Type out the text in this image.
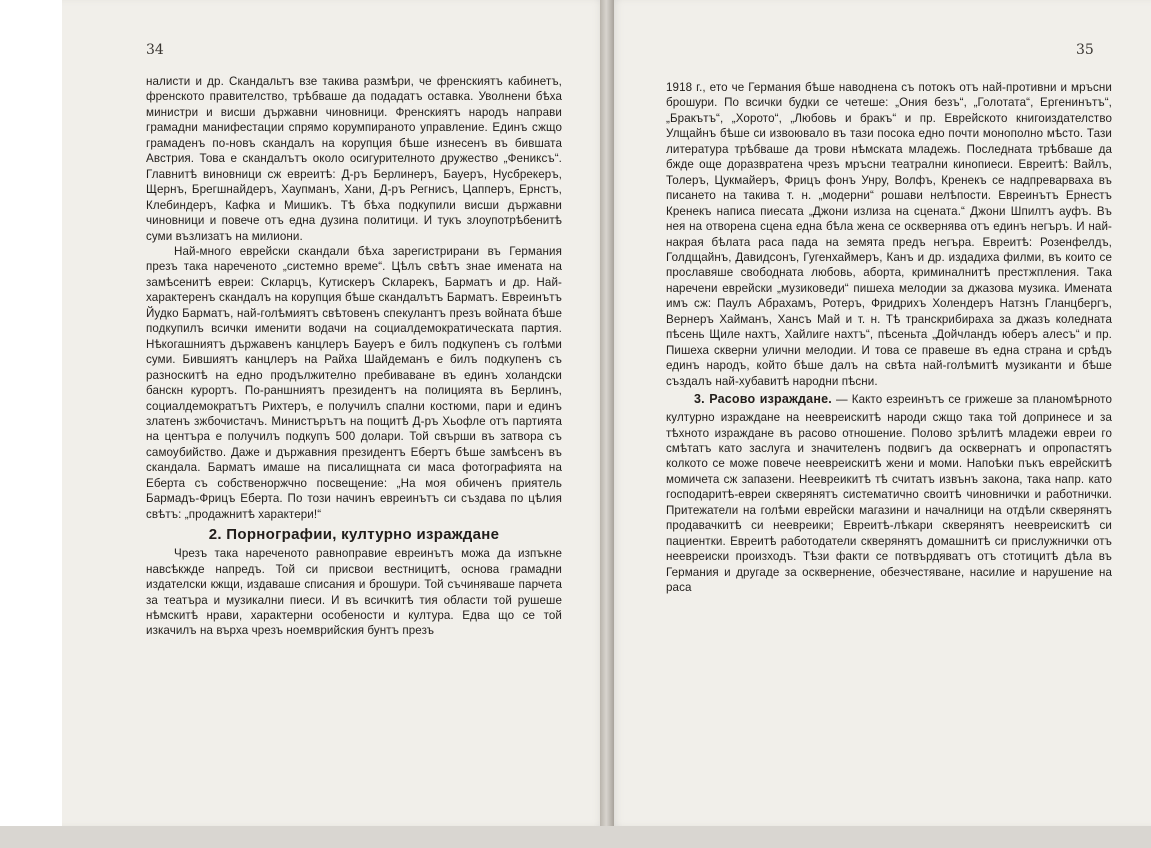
34

налисти и др. Скандальтъ взе такива размѣри, че френскиятъ кабинетъ, френското правителство, трѣбваше да подадатъ оставка. Уволнени бѣха министри и висши държавни чиновници. Френскиятъ народъ направи грамадни манифестации спрямо корумпираното управление. Единъ сжщо грамаденъ по-новъ скандалъ на корупция бѣше изнесенъ въ бившата Австрия. Това е скандалътъ около осигурителното дружество „Фениксъ“. Главнитѣ виновници сж евреитѣ: Д-ръ Берлинеръ, Бауеръ, Нусбрекеръ, Щернъ, Брегшнайдеръ, Хаупманъ, Хани, Д-ръ Регнисъ, Цапперъ, Ернстъ, Клебиндеръ, Кафка и Мишикъ. Тѣ бѣха подкупили висши държавни чиновници и повече отъ една дузина политици. И тукъ злоупотрѣбенитѣ суми възлизатъ на милиони.

Най-много еврейски скандали бѣха зарегистрирани въ Германия презъ така нареченото „системно време“. Цѣлъ свѣтъ знае имената на замѣсенитѣ евреи: Скларцъ, Кутискеръ Скларекъ, Барматъ и др. Най-характеренъ скандалъ на корупция бѣше скандалътъ Барматъ. Евреинътъ Йудко Барматъ, най-голѣмиятъ свѣтовенъ спекулантъ презъ войната бѣше подкупилъ всички именити водачи на социалдемократическата партия. Нѣкогашниятъ държавенъ канцлеръ Бауеръ е билъ подкупенъ съ голѣми суми. Бившиятъ канцлеръ на Райха Шайдеманъ е билъ подкупенъ съ разноскитѣ на едно продължително пребиваване въ единъ холандски банскн курортъ. По-раншниятъ президентъ на полицията въ Берлинъ, социалдемократътъ Рихтеръ, е получилъ спални костюми, пари и единъ златенъ зжбочистачъ. Министърътъ на пощитѣ Д-ръ Хьофле отъ партията на центъра е получилъ подкупъ 500 долари. Той свърши въ затвора съ самоубийство. Даже и държавния президентъ Ебертъ бѣше замѣсенъ въ скандала. Барматъ имаше на писалищната си маса фотографията на Еберта съ собственоржчно посвещение: „На моя обиченъ приятель Бармадъ-Фрицъ Еберта. По този начинъ евреинътъ си създава по цѣлия свѣтъ: „продажнитѣ характери!“

2. Порнографии, културно израждане

Чрезъ така нареченото равноправие евреинътъ можа да изпъкне навсѣкжде напредъ. Той си присвои вестницитѣ, основа грамадни издателски кжщи, издаваше списания и брошури. Той съчиняваше парчета за театъра и музикални пиеси. И въ всичкитѣ тия области той рушеше нѣмскитѣ нрави, характерни особености и култура. Едва що се той изкачилъ на върха чрезъ ноемврийския бунтъ презъ

35

1918 г., ето че Германия бѣше наводнена съ потокъ отъ най-противни и мръсни брошури. По всички будки се четеше: „Ония безъ“, „Голотата“, Ергенинътъ“, „Бракътъ“, „Хорото“, „Любовь и бракъ“ и пр. Еврейското книгоиздателство Улщайнъ бѣше си извоювало въ тази посока едно почти монополно мѣсто. Тази литература трѣбваше да трови нѣмската младежь. Последната трѣбваше да бжде още доразвратена чрезъ мръсни театрални кинопиеси. Евреитѣ: Вайлъ, Толеръ, Цукмайеръ, Фрицъ фонъ Унру, Волфъ, Кренекъ се надпреварваха въ писането на такива т. н. „модерни“ рошави нелѣпости. Евреинътъ Ернестъ Кренекъ написа пиесата „Джони излиза на сцената.“ Джони Шпилтъ ауфъ. Въ нея на отворена сцена една бѣла жена се осквернява отъ единъ негъръ. И най-накрая бѣлата раса пада на земята предъ негъра. Евреитѣ: Розенфелдъ, Голдщайнъ, Давидсонъ, Гугенхаймеръ, Канъ и др. издадиха филми, въ които се прославяше свободната любовь, аборта, криминалнитѣ престжпления. Така наречени еврейски „музиковеди“ пишеха мелодии за джазова музика. Имената имъ сж: Паулъ Абрахамъ, Ротеръ, Фридрихъ Холендеръ Натзнъ Гланцбергъ, Вернеръ Хайманъ, Хансъ Май и т. н. Тѣ транскрибираха за джазъ коледната пѣсень Щиле нахтъ, Хайлиге нахтъ“, пѣсеньта „Дойчландъ юберъ алесъ“ и пр. Пишеха скверни улични мелодии. И това се правеше въ една страна и срѣдъ единъ народъ, който бѣше далъ на свѣта най-голѣмитѣ музиканти и бѣше създалъ най-хубавитѣ народни пѣсни.

3. Расово израждане. — Както езреинътъ се грижеше за планомѣрното културно израждане на неевреискитѣ народи сжщо така той допринесе и за тѣхното израждане въ расово отношение. Полово зрѣлитѣ младежи евреи го смѣтатъ като заслуга и значителенъ подвигъ да осквернатъ и опропастятъ колкото се може повече неевреискитѣ жени и моми. Напоѣки пъкъ еврейскитѣ момичета сж запазени. Неевреикитѣ тѣ считатъ извънъ закона, така напр. като господаритѣ-евреи скверянятъ систематично своитѣ чиновнички и работнички. Притежатели на голѣми еврейски магазини и началници на отдѣли скверянятъ продавачкитѣ си неевреики; Евреитѣ-лѣкари скверянятъ неевреискитѣ си пациентки. Евреитѣ работодатели скверянятъ домашнитѣ си прислужнички отъ неевреиски произходъ. Тѣзи факти се потвърдяватъ отъ стотицитѣ дѣла въ Германия и другаде за осквернение, обезчестяване, насилие и нарушение на раса
